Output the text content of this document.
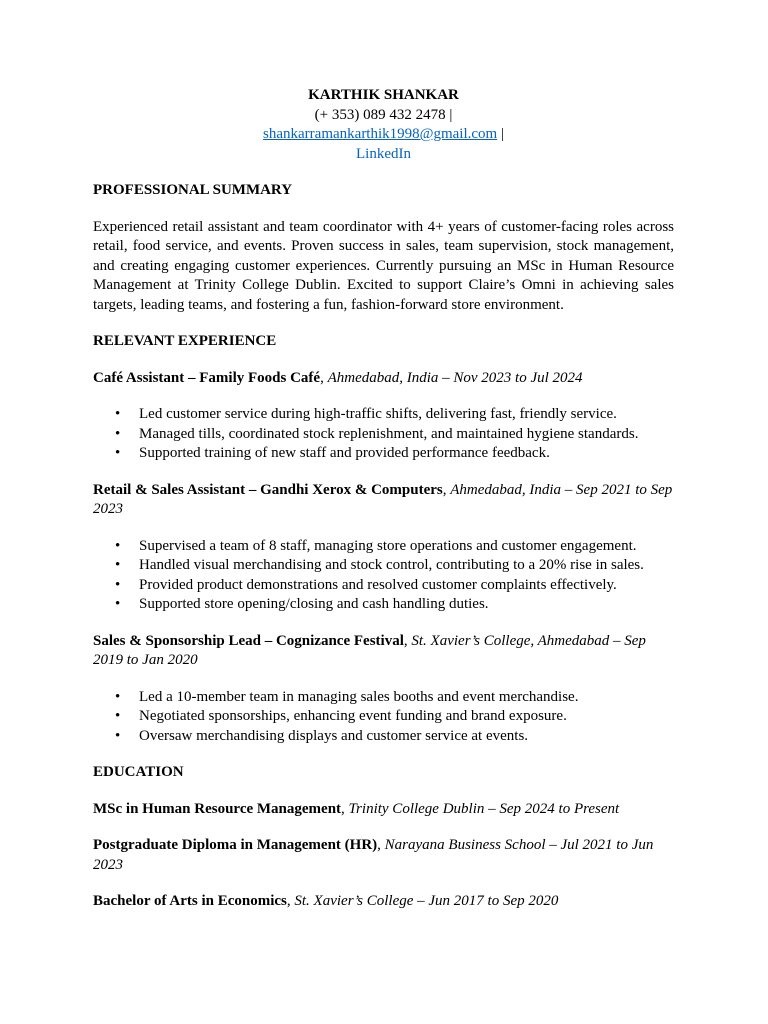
KARTHIK SHANKAR
(+ 353) 089 432 2478 |
shankarramankarthik1998@gmail.com |
LinkedIn
PROFESSIONAL SUMMARY
Experienced retail assistant and team coordinator with 4+ years of customer-facing roles across retail, food service, and events. Proven success in sales, team supervision, stock management, and creating engaging customer experiences. Currently pursuing an MSc in Human Resource Management at Trinity College Dublin. Excited to support Claire’s Omni in achieving sales targets, leading teams, and fostering a fun, fashion-forward store environment.
RELEVANT EXPERIENCE
Café Assistant – Family Foods Café, Ahmedabad, India – Nov 2023 to Jul 2024
• Led customer service during high-traffic shifts, delivering fast, friendly service.
• Managed tills, coordinated stock replenishment, and maintained hygiene standards.
• Supported training of new staff and provided performance feedback.
Retail & Sales Assistant – Gandhi Xerox & Computers, Ahmedabad, India – Sep 2021 to Sep 2023
• Supervised a team of 8 staff, managing store operations and customer engagement.
• Handled visual merchandising and stock control, contributing to a 20% rise in sales.
• Provided product demonstrations and resolved customer complaints effectively.
• Supported store opening/closing and cash handling duties.
Sales & Sponsorship Lead – Cognizance Festival, St. Xavier’s College, Ahmedabad – Sep 2019 to Jan 2020
• Led a 10-member team in managing sales booths and event merchandise.
• Negotiated sponsorships, enhancing event funding and brand exposure.
• Oversaw merchandising displays and customer service at events.
EDUCATION
MSc in Human Resource Management, Trinity College Dublin – Sep 2024 to Present
Postgraduate Diploma in Management (HR), Narayana Business School – Jul 2021 to Jun 2023
Bachelor of Arts in Economics, St. Xavier’s College – Jun 2017 to Sep 2020
